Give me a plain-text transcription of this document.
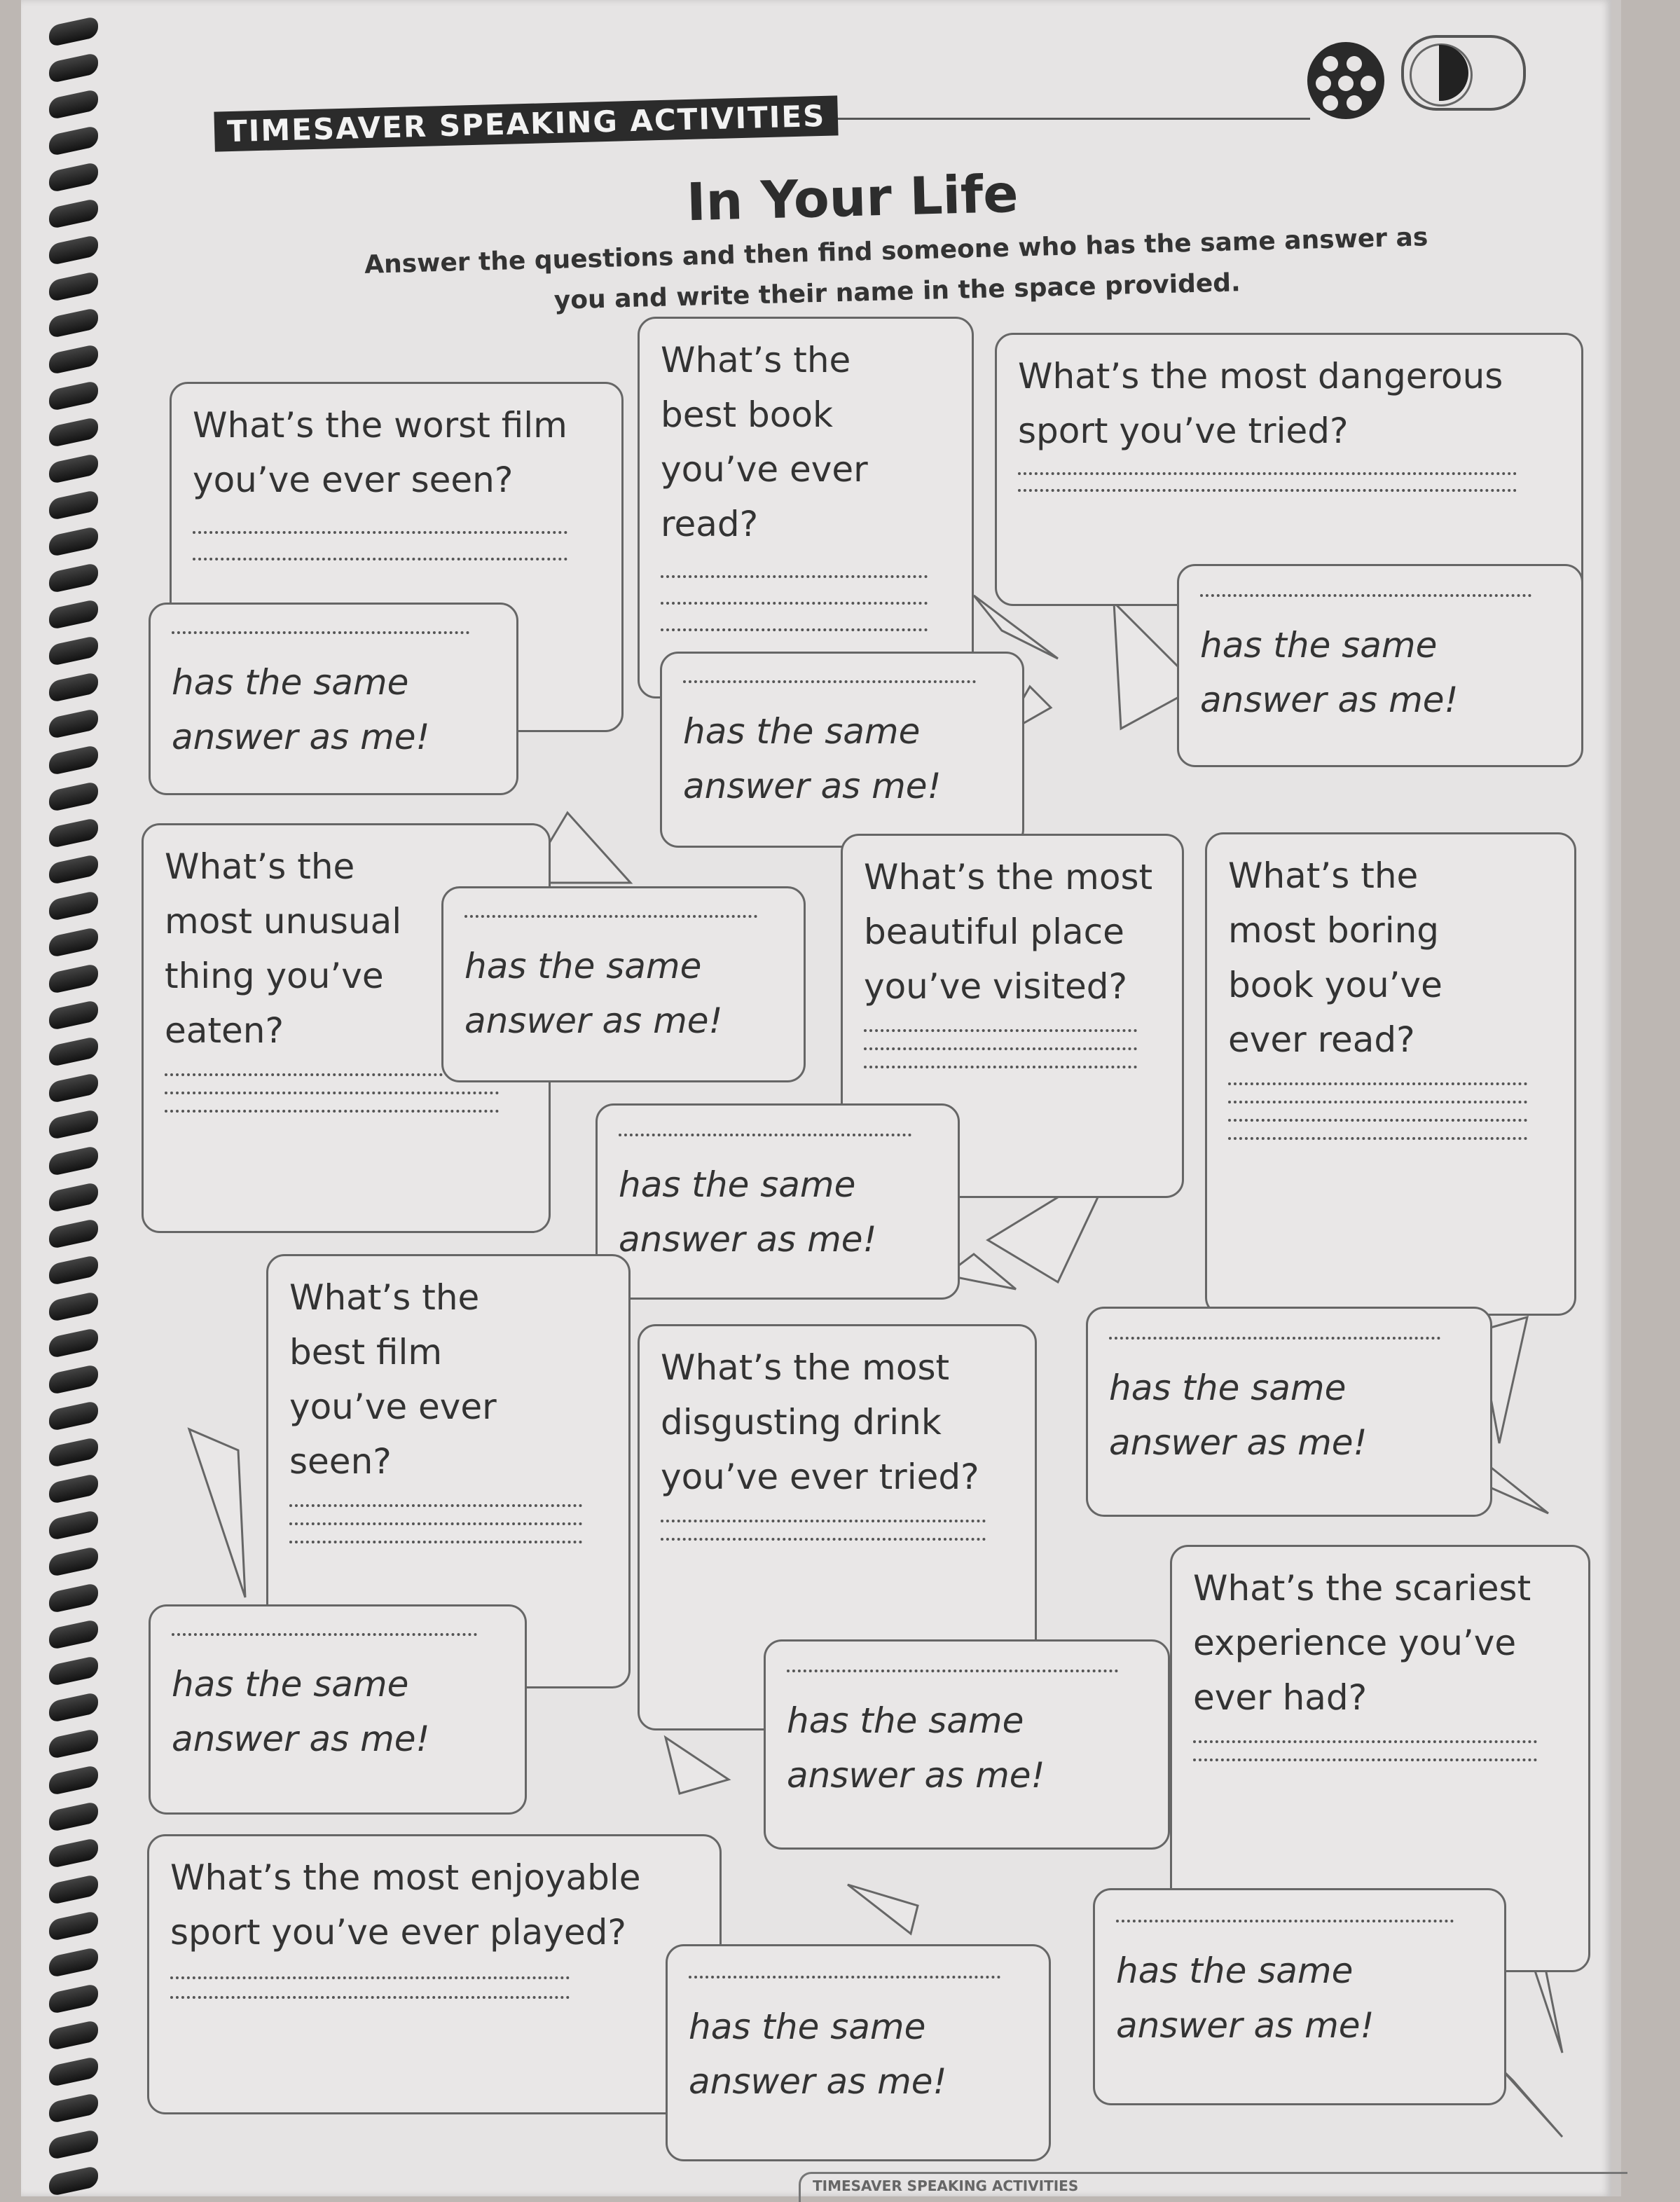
TIMESAVER SPEAKING ACTIVITIES
In Your Life
Answer the questions and then find someone who has the same answer as you and write their name in the space provided.
What’s the worst film you’ve ever seen?
has the same
answer as me!
What’s the best book you’ve ever read?
has the same
answer as me!
What’s the most dangerous sport you’ve tried?
has the same
answer as me!
What’s the most unusual thing you’ve eaten?
has the same
answer as me!
What’s the most beautiful place you’ve visited?
has the same
answer as me!
What’s the most boring book you’ve ever read?
What’s the best film you’ve ever seen?
has the same
answer as me!
What’s the most disgusting drink you’ve ever tried?
has the same
answer as me!
has the same
answer as me!
What’s the scariest experience you’ve ever had?
has the same
answer as me!
What’s the most enjoyable sport you’ve ever played?
has the same
answer as me!
TIMESAVER SPEAKING ACTIVITIES
